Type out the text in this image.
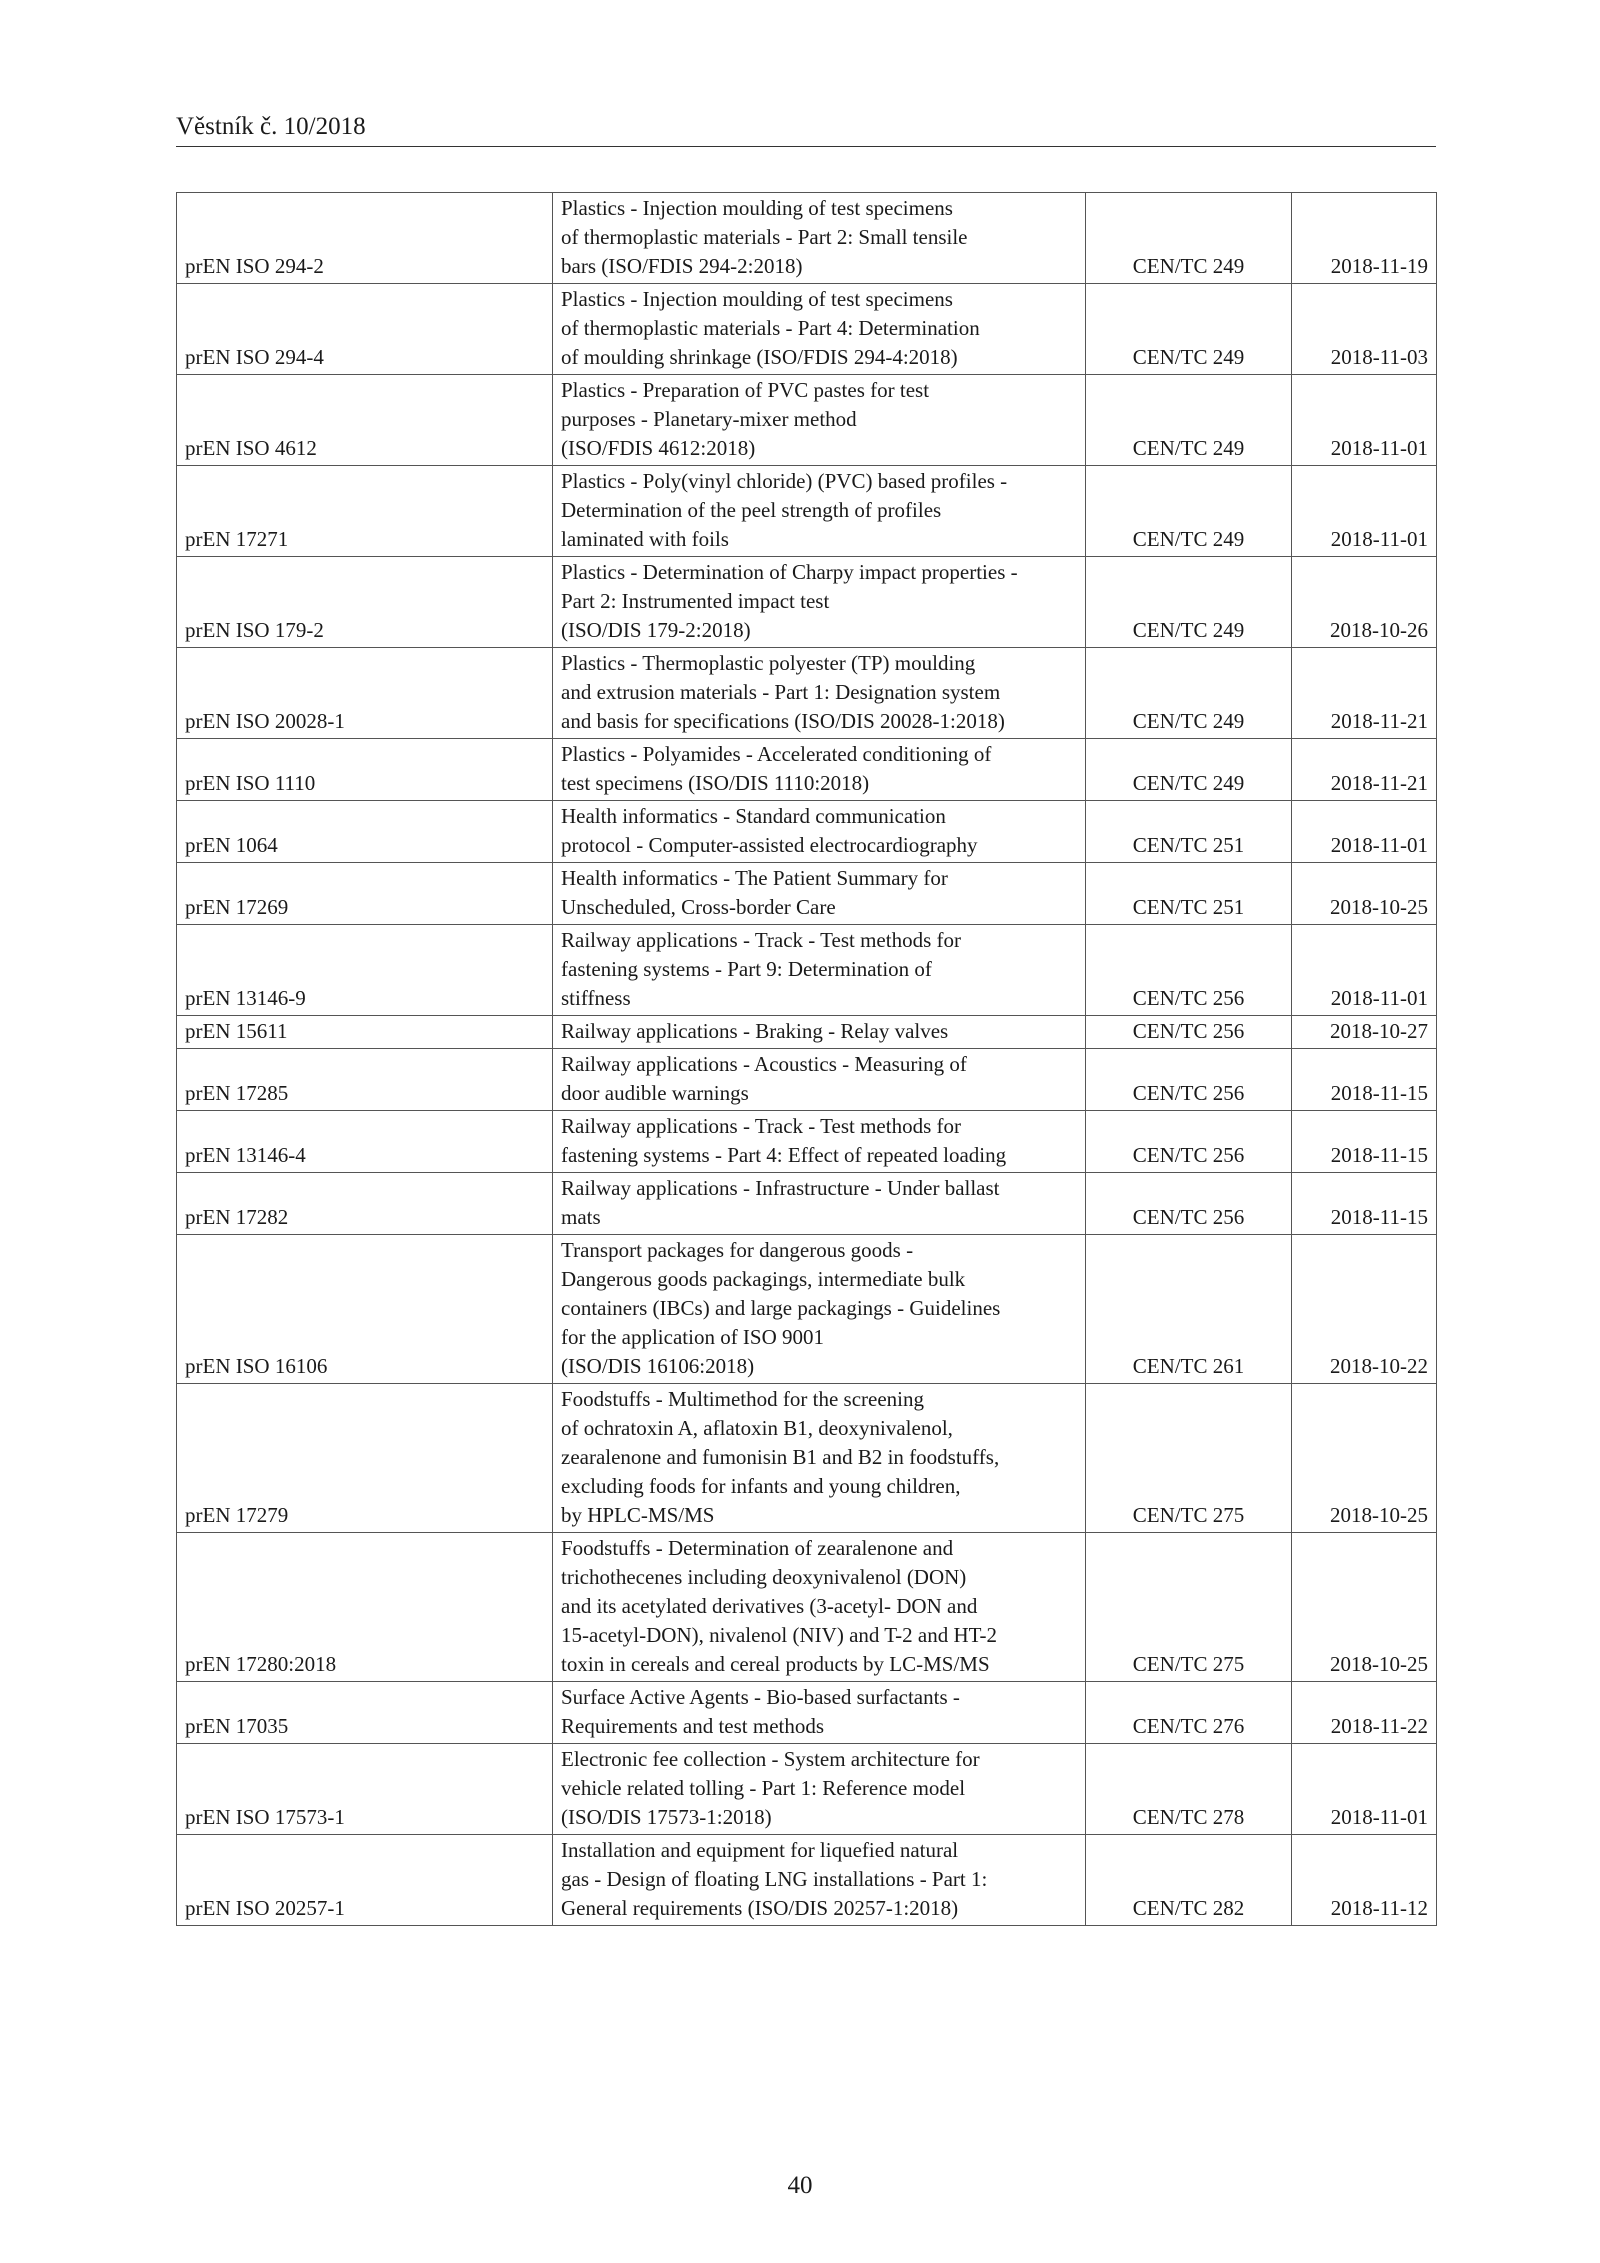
Věstník č. 10/2018
prEN ISO 294-2	Plastics - Injection moulding of test specimens
of thermoplastic materials - Part 2: Small tensile
bars (ISO/FDIS 294-2:2018)	CEN/TC 249	2018-11-19
prEN ISO 294-4	Plastics - Injection moulding of test specimens
of thermoplastic materials - Part 4: Determination
of moulding shrinkage (ISO/FDIS 294-4:2018)	CEN/TC 249	2018-11-03
prEN ISO 4612	Plastics - Preparation of PVC pastes for test
purposes - Planetary-mixer method
(ISO/FDIS 4612:2018)	CEN/TC 249	2018-11-01
prEN 17271	Plastics - Poly(vinyl chloride) (PVC) based profiles -
Determination of the peel strength of profiles
laminated with foils	CEN/TC 249	2018-11-01
prEN ISO 179-2	Plastics - Determination of Charpy impact properties -
Part 2: Instrumented impact test
(ISO/DIS 179-2:2018)	CEN/TC 249	2018-10-26
prEN ISO 20028-1	Plastics - Thermoplastic polyester (TP) moulding
and extrusion materials - Part 1: Designation system
and basis for specifications (ISO/DIS 20028-1:2018)	CEN/TC 249	2018-11-21
prEN ISO 1110	Plastics - Polyamides - Accelerated conditioning of
test specimens (ISO/DIS 1110:2018)	CEN/TC 249	2018-11-21
prEN 1064	Health informatics - Standard communication
protocol - Computer-assisted electrocardiography	CEN/TC 251	2018-11-01
prEN 17269	Health informatics - The Patient Summary for
Unscheduled, Cross-border Care	CEN/TC 251	2018-10-25
prEN 13146-9	Railway applications - Track - Test methods for
fastening systems - Part 9: Determination of
stiffness	CEN/TC 256	2018-11-01
prEN 15611	Railway applications - Braking - Relay valves	CEN/TC 256	2018-10-27
prEN 17285	Railway applications - Acoustics - Measuring of
door audible warnings	CEN/TC 256	2018-11-15
prEN 13146-4	Railway applications - Track - Test methods for
fastening systems - Part 4: Effect of repeated loading	CEN/TC 256	2018-11-15
prEN 17282	Railway applications - Infrastructure - Under ballast
mats	CEN/TC 256	2018-11-15
prEN ISO 16106	Transport packages for dangerous goods -
Dangerous goods packagings, intermediate bulk
containers (IBCs) and large packagings - Guidelines
for the application of ISO 9001
(ISO/DIS 16106:2018)	CEN/TC 261	2018-10-22
prEN 17279	Foodstuffs - Multimethod for the screening
of ochratoxin A, aflatoxin B1, deoxynivalenol,
zearalenone and fumonisin B1 and B2 in foodstuffs,
excluding foods for infants and young children,
by HPLC-MS/MS	CEN/TC 275	2018-10-25
prEN 17280:2018	Foodstuffs - Determination of zearalenone and
trichothecenes including deoxynivalenol (DON)
and its acetylated derivatives (3-acetyl- DON and
15-acetyl-DON), nivalenol (NIV) and T-2 and HT-2
toxin in cereals and cereal products by LC-MS/MS	CEN/TC 275	2018-10-25
prEN 17035	Surface Active Agents - Bio-based surfactants -
Requirements and test methods	CEN/TC 276	2018-11-22
prEN ISO 17573-1	Electronic fee collection - System architecture for
vehicle related tolling - Part 1: Reference model
(ISO/DIS 17573-1:2018)	CEN/TC 278	2018-11-01
prEN ISO 20257-1	Installation and equipment for liquefied natural
gas - Design of floating LNG installations - Part 1:
General requirements (ISO/DIS 20257-1:2018)	CEN/TC 282	2018-11-12
40
